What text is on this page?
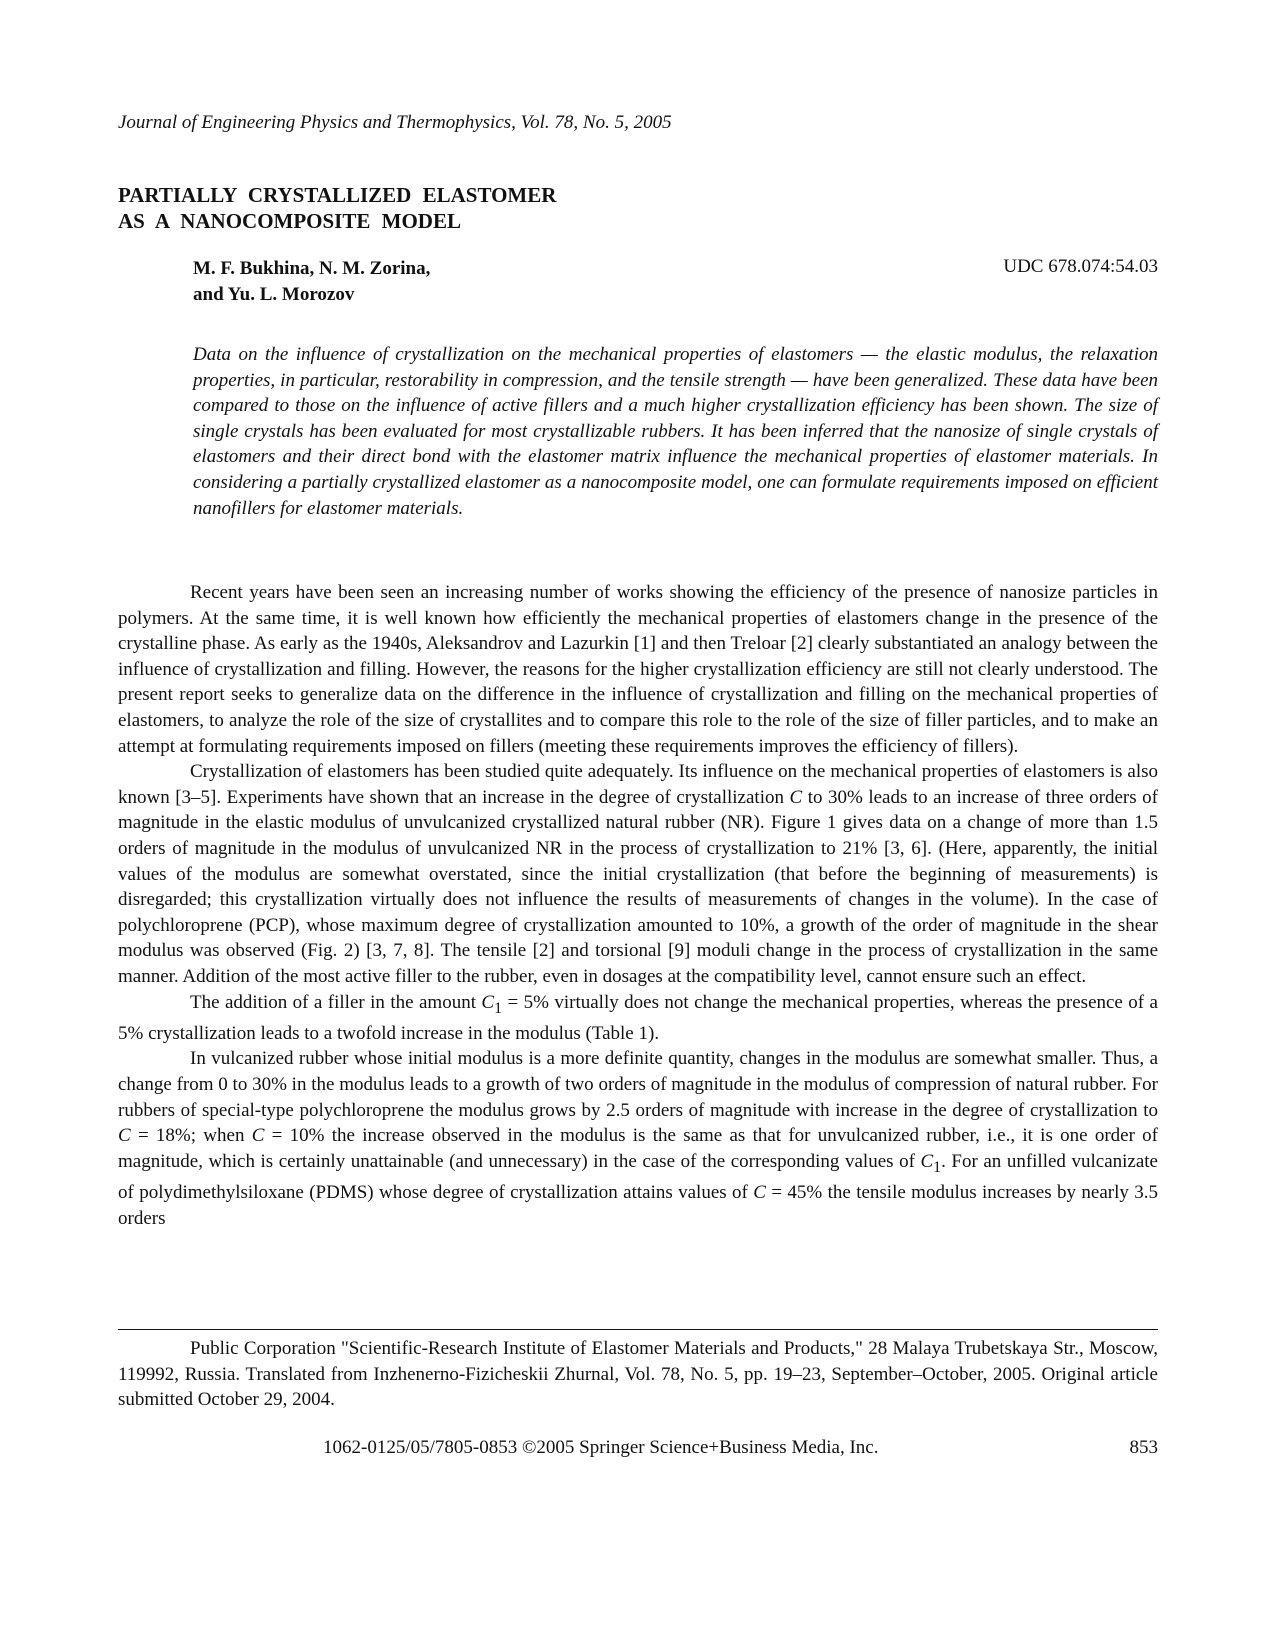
Journal of Engineering Physics and Thermophysics, Vol. 78, No. 5, 2005
PARTIALLY CRYSTALLIZED ELASTOMER
AS A NANOCOMPOSITE MODEL
M. F. Bukhina, N. M. Zorina,
and Yu. L. Morozov
UDC 678.074:54.03

Data on the influence of crystallization on the mechanical properties of elastomers — the elastic modulus, the relaxation properties, in particular, restorability in compression, and the tensile strength — have been generalized. These data have been compared to those on the influence of active fillers and a much higher crystallization efficiency has been shown. The size of single crystals has been evaluated for most crystallizable rubbers. It has been inferred that the nanosize of single crystals of elastomers and their direct bond with the elastomer matrix influence the mechanical properties of elastomer materials. In considering a partially crystallized elastomer as a nanocomposite model, one can formulate requirements imposed on efficient nanofillers for elastomer materials.

Recent years have been seen an increasing number of works showing the efficiency of the presence of nanosize particles in polymers. At the same time, it is well known how efficiently the mechanical properties of elastomers change in the presence of the crystalline phase. As early as the 1940s, Aleksandrov and Lazurkin [1] and then Treloar [2] clearly substantiated an analogy between the influence of crystallization and filling. However, the reasons for the higher crystallization efficiency are still not clearly understood. The present report seeks to generalize data on the difference in the influence of crystallization and filling on the mechanical properties of elastomers, to analyze the role of the size of crystallites and to compare this role to the role of the size of filler particles, and to make an attempt at formulating requirements imposed on fillers (meeting these requirements improves the efficiency of fillers).

Crystallization of elastomers has been studied quite adequately. Its influence on the mechanical properties of elastomers is also known [3–5]. Experiments have shown that an increase in the degree of crystallization C to 30% leads to an increase of three orders of magnitude in the elastic modulus of unvulcanized crystallized natural rubber (NR). Figure 1 gives data on a change of more than 1.5 orders of magnitude in the modulus of unvulcanized NR in the process of crystallization to 21% [3, 6]. (Here, apparently, the initial values of the modulus are somewhat overstated, since the initial crystallization (that before the beginning of measurements) is disregarded; this crystallization virtually does not influence the results of measurements of changes in the volume). In the case of polychloroprene (PCP), whose maximum degree of crystallization amounted to 10%, a growth of the order of magnitude in the shear modulus was observed (Fig. 2) [3, 7, 8]. The tensile [2] and torsional [9] moduli change in the process of crystallization in the same manner. Addition of the most active filler to the rubber, even in dosages at the compatibility level, cannot ensure such an effect.

The addition of a filler in the amount $C_1 = 5\%$ virtually does not change the mechanical properties, whereas the presence of a 5% crystallization leads to a twofold increase in the modulus (Table 1).

In vulcanized rubber whose initial modulus is a more definite quantity, changes in the modulus are somewhat smaller. Thus, a change from 0 to 30% in the modulus leads to a growth of two orders of magnitude in the modulus of compression of natural rubber. For rubbers of special-type polychloroprene the modulus grows by 2.5 orders of magnitude with increase in the degree of crystallization to C = 18%; when C = 10% the increase observed in the modulus is the same as that for unvulcanized rubber, i.e., it is one order of magnitude, which is certainly unattainable (and unnecessary) in the case of the corresponding values of $C_1$. For an unfilled vulcanizate of polydimethylsiloxane (PDMS) whose degree of crystallization attains values of C = 45% the tensile modulus increases by nearly 3.5 orders

Public Corporation "Scientific-Research Institute of Elastomer Materials and Products," 28 Malaya Trubetskaya Str., Moscow, 119992, Russia. Translated from Inzhenerno-Fizicheskii Zhurnal, Vol. 78, No. 5, pp. 19–23, September–October, 2005. Original article submitted October 29, 2004.

1062-0125/05/7805-0853 ©2005 Springer Science+Business Media, Inc.	853
